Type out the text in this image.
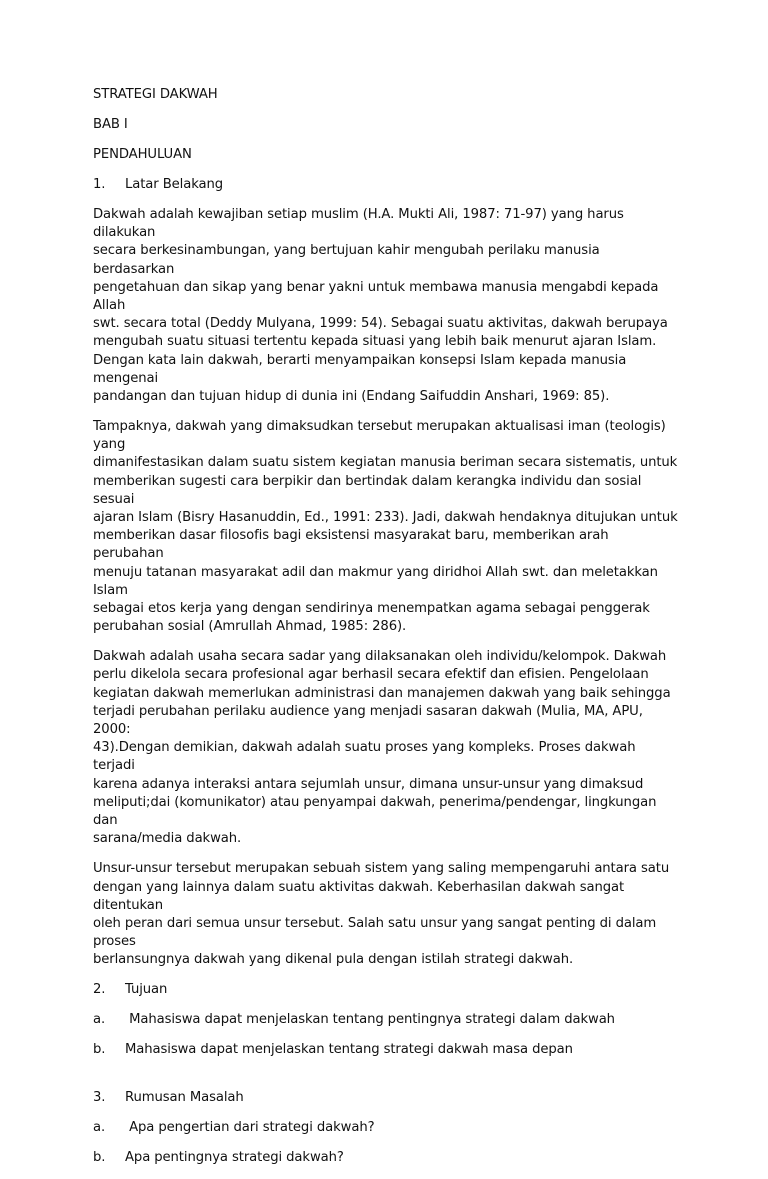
STRATEGI DAKWAH
BAB I
PENDAHULUAN
1.	Latar Belakang
Dakwah adalah kewajiban setiap muslim (H.A. Mukti Ali, 1987: 71-97) yang harus dilakukan
secara berkesinambungan, yang bertujuan kahir mengubah perilaku manusia berdasarkan
pengetahuan dan sikap yang benar yakni untuk membawa manusia mengabdi kepada Allah
swt. secara total (Deddy Mulyana, 1999: 54). Sebagai suatu aktivitas, dakwah berupaya
mengubah suatu situasi tertentu kepada situasi yang lebih baik menurut ajaran Islam.
Dengan kata lain dakwah, berarti menyampaikan konsepsi Islam kepada manusia mengenai
pandangan dan tujuan hidup di dunia ini (Endang Saifuddin Anshari, 1969: 85).
Tampaknya, dakwah yang dimaksudkan tersebut merupakan aktualisasi iman (teologis) yang
dimanifestasikan dalam suatu sistem kegiatan manusia beriman secara sistematis, untuk
memberikan sugesti cara berpikir dan bertindak dalam kerangka individu dan sosial sesuai
ajaran Islam (Bisry Hasanuddin, Ed., 1991: 233). Jadi, dakwah hendaknya ditujukan untuk
memberikan dasar filosofis bagi eksistensi masyarakat baru, memberikan arah perubahan
menuju tatanan masyarakat adil dan makmur yang diridhoi Allah swt. dan meletakkan Islam
sebagai etos kerja yang dengan sendirinya menempatkan agama sebagai penggerak
perubahan sosial (Amrullah Ahmad, 1985: 286).
Dakwah adalah usaha secara sadar yang dilaksanakan oleh individu/kelompok. Dakwah
perlu dikelola secara profesional agar berhasil secara efektif dan efisien. Pengelolaan
kegiatan dakwah memerlukan administrasi dan manajemen dakwah yang baik sehingga
terjadi perubahan perilaku audience yang menjadi sasaran dakwah (Mulia, MA, APU, 2000:
43).Dengan demikian, dakwah adalah suatu proses yang kompleks. Proses dakwah terjadi
karena adanya interaksi antara sejumlah unsur, dimana unsur-unsur yang dimaksud
meliputi;dai (komunikator) atau penyampai dakwah, penerima/pendengar, lingkungan dan
sarana/media dakwah.
Unsur-unsur tersebut merupakan sebuah sistem yang saling mempengaruhi antara satu
dengan yang lainnya dalam suatu aktivitas dakwah. Keberhasilan dakwah sangat ditentukan
oleh peran dari semua unsur tersebut. Salah satu unsur yang sangat penting di dalam proses
berlansungnya dakwah yang dikenal pula dengan istilah strategi dakwah.
2.	Tujuan
a.	Mahasiswa dapat menjelaskan tentang pentingnya strategi dalam dakwah
b.	Mahasiswa dapat menjelaskan tentang strategi dakwah masa depan
3.	Rumusan Masalah
a.	Apa pengertian dari strategi dakwah?
b.	Apa pentingnya strategi dakwah?
